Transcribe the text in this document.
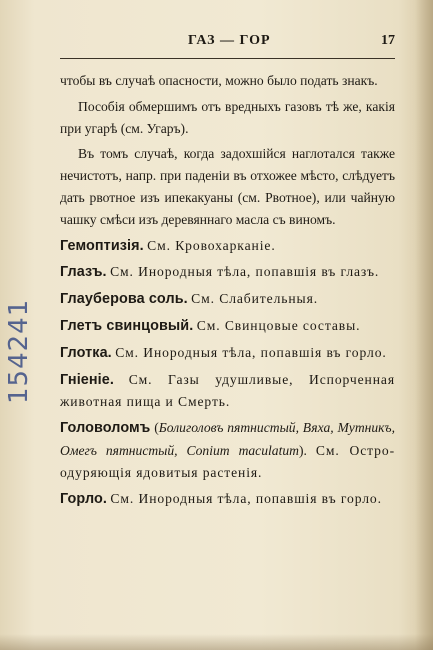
ГАЗ — ГОР	17
154241

чтобы въ случаѣ опасности, можно было подать знакъ.

Пособія обмершимъ отъ вредныхъ газовъ тѣ же, какія при угарѣ (см. Угаръ).

Въ томъ случаѣ, когда задохшійся наглотался также нечистотъ, напр. при паденіи въ отхожее мѣсто, слѣдуетъ дать рвотное изъ ипекакуаны (см. Рвотное), или чайную чашку смѣси изъ деревяннаго масла съ виномъ.

Гемоптизія. См. Кровохарканіе.

Глазъ. См. Инородныя тѣла, попавшія въ глазъ.

Глауберова соль. См. Слабительныя.

Глетъ свинцовый. См. Свинцовые составы.

Глотка. См. Инородныя тѣла, попавшія въ горло.

Гніеніе. См. Газы удушливые, Испорченная животная пища и Смерть.

Головоломъ (Болиголовъ пятнистый, Вяха, Мутникъ, Омегъ пятнистый, Conium maculatum). См. Остро-одуряющія ядовитыя растенія.

Горло. См. Инородныя тѣла, попавшія въ горло.
